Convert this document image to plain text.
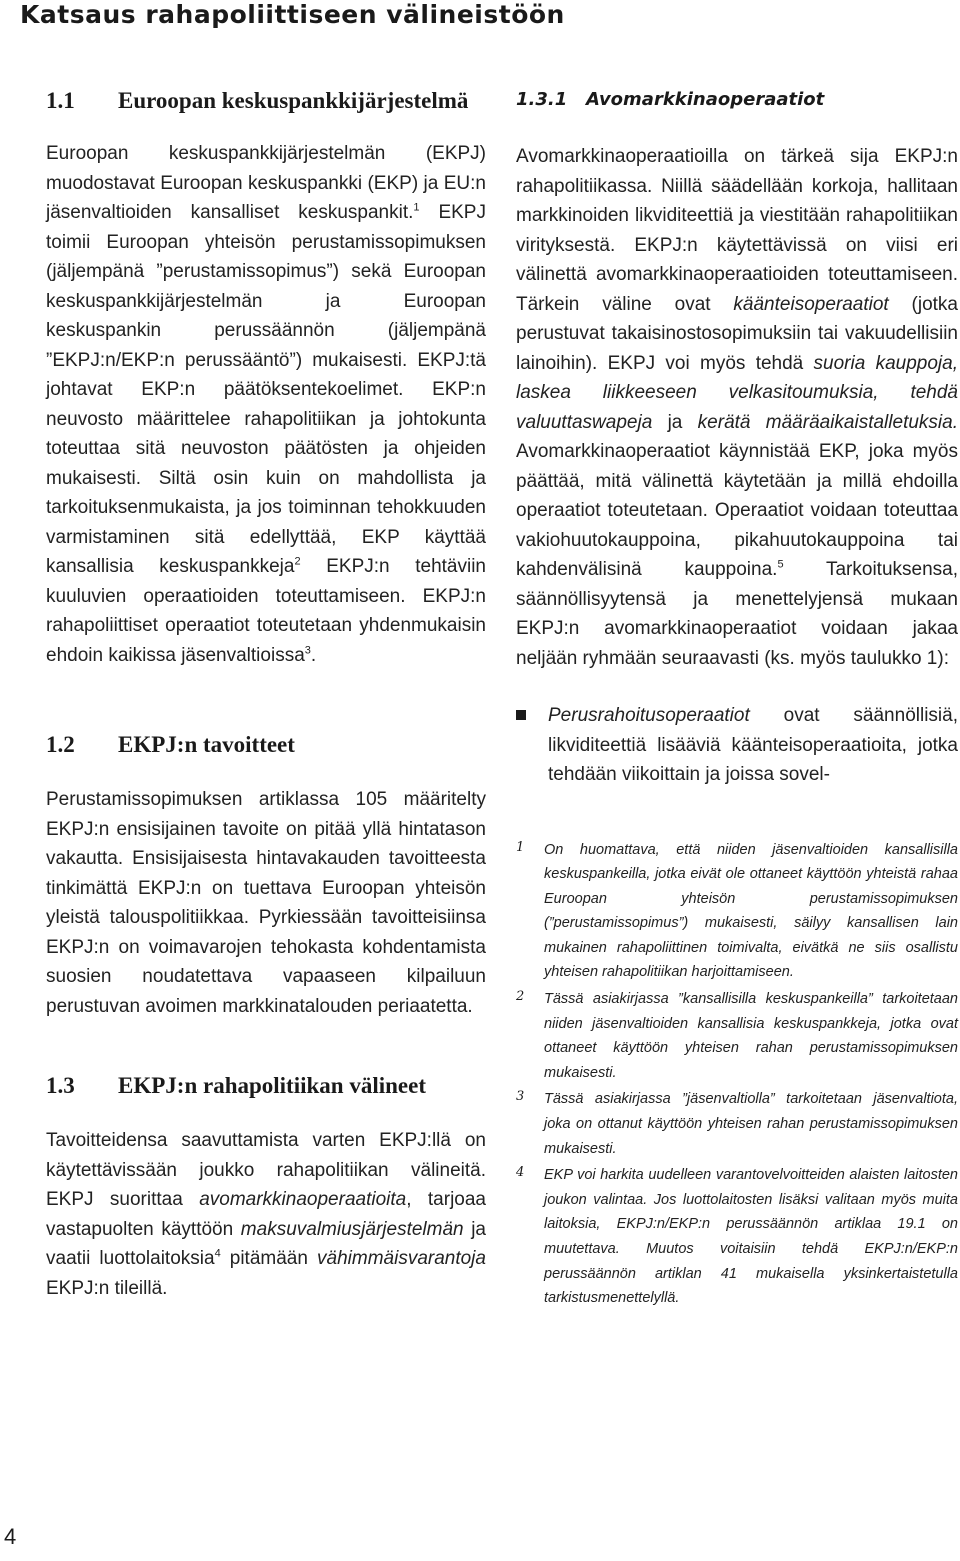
Katsaus rahapoliittiseen välineistöön
1.1	Euroopan keskuspankkijärjestelmä

Euroopan keskuspankkijärjestelmän (EKPJ) muodostavat Euroopan keskuspankki (EKP) ja EU:n jäsenvaltioiden kansalliset keskuspankit.$^1$ EKPJ toimii Euroopan yhteisön perustamissopimuksen (jäljempänä ”perustamissopimus”) sekä Euroopan keskuspankkijärjestelmän ja Euroopan keskuspankin perussäännön (jäljempänä ”EKPJ:n/EKP:n perussääntö”) mukaisesti. EKPJ:tä johtavat EKP:n päätöksentekoelimet. EKP:n neuvosto määrittelee rahapolitiikan ja johtokunta toteuttaa sitä neuvoston päätösten ja ohjeiden mukaisesti. Siltä osin kuin on mahdollista ja tarkoituksenmukaista, ja jos toiminnan tehokkuuden varmistaminen sitä edellyttää, EKP käyttää kansallisia keskuspankkeja$^2$ EKPJ:n tehtäviin kuuluvien operaatioiden toteuttamiseen. EKPJ:n rahapoliittiset operaatiot toteutetaan yhdenmukaisin ehdoin kaikissa jäsenvaltioissa$^3$.

1.2	EKPJ:n tavoitteet

Perustamissopimuksen artiklassa 105 määritelty EKPJ:n ensisijainen tavoite on pitää yllä hintatason vakautta. Ensisijaisesta hintavakauden tavoitteesta tinkimättä EKPJ:n on tuettava Euroopan yhteisön yleistä talouspolitiikkaa. Pyrkiessään tavoitteisiinsa EKPJ:n on voimavarojen tehokasta kohdentamista suosien noudatettava vapaaseen kilpailuun perustuvan avoimen markkinatalouden periaatetta.

1.3	EKPJ:n rahapolitiikan välineet

Tavoitteidensa saavuttamista varten EKPJ:llä on käytettävissään joukko rahapolitiikan välineitä. EKPJ suorittaa avomarkkinaoperaatioita, tarjoaa vastapuolten käyttöön maksuvalmiusjärjestelmän ja vaatii luottolaitoksia$^4$ pitämään vähimmäisvarantoja EKPJ:n tileillä.

1.3.1	Avomarkkinaoperaatiot

Avomarkkinaoperaatioilla on tärkeä sija EKPJ:n rahapolitiikassa. Niillä säädellään korkoja, hallitaan markkinoiden likviditeettiä ja viestitään rahapolitiikan virityksestä. EKPJ:n käytettävissä on viisi eri välinettä avomarkkinaoperaatioiden toteuttamiseen. Tärkein väline ovat käänteisoperaatiot (jotka perustuvat takaisinostosopimuksiin tai vakuudellisiin lainoihin). EKPJ voi myös tehdä suoria kauppoja, laskea liikkeeseen velkasitoumuksia, tehdä valuuttaswapeja ja kerätä määräaikaistalletuksia. Avomarkkinaoperaatiot käynnistää EKP, joka myös päättää, mitä välinettä käytetään ja millä ehdoilla operaatiot toteutetaan. Operaatiot voidaan toteuttaa vakiohuutokauppoina, pikahuutokauppoina tai kahdenvälisinä kauppoina.$^5$ Tarkoituksensa, säännöllisyytensä ja menettelyjensä mukaan EKPJ:n avomarkkinaoperaatiot voidaan jakaa neljään ryhmään seuraavasti (ks. myös taulukko 1):

Perusrahoitusoperaatiot ovat säännöllisiä, likviditeettiä lisääviä käänteisoperaatioita, jotka tehdään viikoittain ja joissa sovel-
1	On huomattava, että niiden jäsenvaltioiden kansallisilla keskuspankeilla, jotka eivät ole ottaneet käyttöön yhteistä rahaa Euroopan yhteisön perustamissopimuksen (”perustamissopimus”) mukaisesti, säilyy kansallisen lain mukainen rahapoliittinen toimivalta, eivätkä ne siis osallistu yhteisen rahapolitiikan harjoittamiseen.
2	Tässä asiakirjassa ”kansallisilla keskuspankeilla” tarkoitetaan niiden jäsenvaltioiden kansallisia keskuspankkeja, jotka ovat ottaneet käyttöön yhteisen rahan perustamissopimuksen mukaisesti.
3	Tässä asiakirjassa ”jäsenvaltiolla” tarkoitetaan jäsenvaltiota, joka on ottanut käyttöön yhteisen rahan perustamissopimuksen mukaisesti.
4	EKP voi harkita uudelleen varantovelvoitteiden alaisten laitosten joukon valintaa. Jos luottolaitosten lisäksi valitaan myös muita laitoksia, EKPJ:n/EKP:n perussäännön artiklaa 19.1 on muutettava. Muutos voitaisiin tehdä EKPJ:n/EKP:n perussäännön artiklan 41 mukaisella yksinkertaistetulla tarkistusmenettelyllä.

4
